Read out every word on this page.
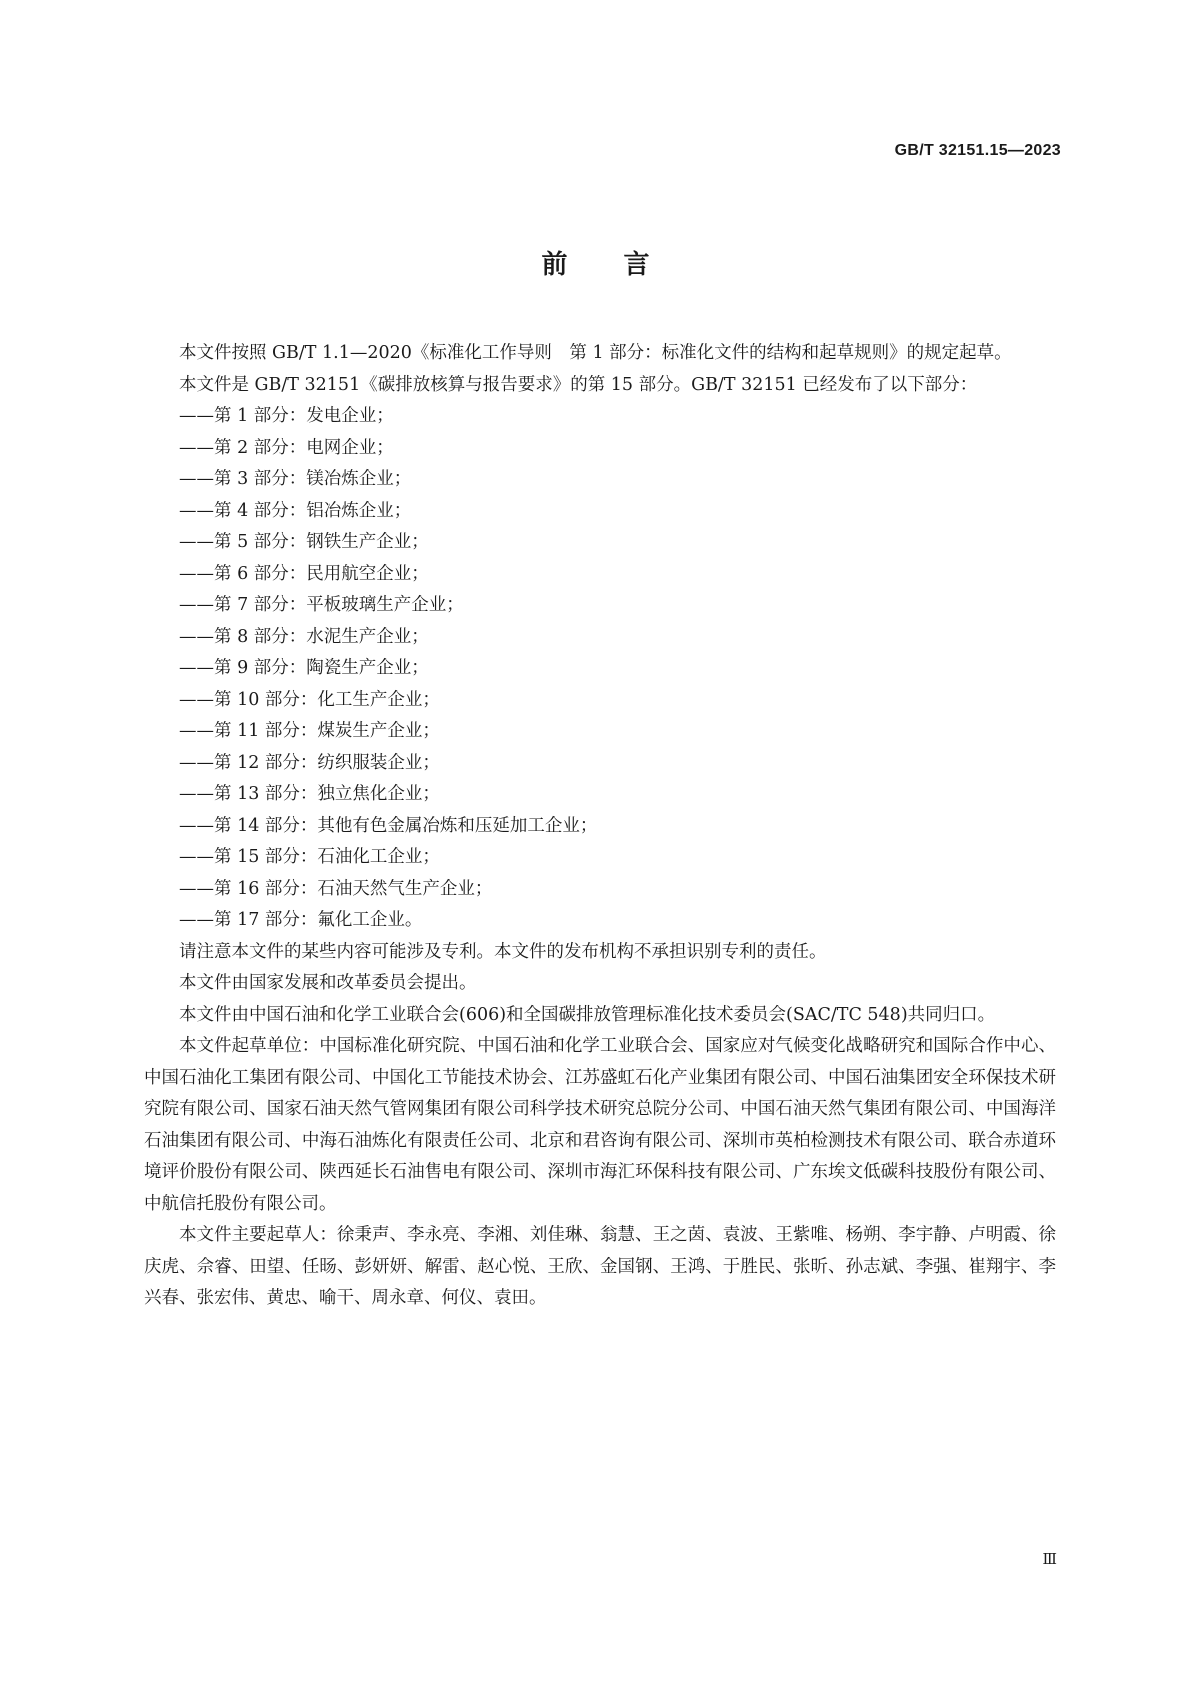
GB/T 32151.15—2023
前言

本文件按照 GB/T 1.1—2020《标准化工作导则　第 1 部分：标准化文件的结构和起草规则》的规定起草。

本文件是 GB/T 32151《碳排放核算与报告要求》的第 15 部分。GB/T 32151 已经发布了以下部分：

——第 1 部分：发电企业；
——第 2 部分：电网企业；
——第 3 部分：镁冶炼企业；
——第 4 部分：铝冶炼企业；
——第 5 部分：钢铁生产企业；
——第 6 部分：民用航空企业；
——第 7 部分：平板玻璃生产企业；
——第 8 部分：水泥生产企业；
——第 9 部分：陶瓷生产企业；
——第 10 部分：化工生产企业；
——第 11 部分：煤炭生产企业；
——第 12 部分：纺织服装企业；
——第 13 部分：独立焦化企业；
——第 14 部分：其他有色金属冶炼和压延加工企业；
——第 15 部分：石油化工企业；
——第 16 部分：石油天然气生产企业；
——第 17 部分：氟化工企业。

请注意本文件的某些内容可能涉及专利。本文件的发布机构不承担识别专利的责任。

本文件由国家发展和改革委员会提出。

本文件由中国石油和化学工业联合会(606)和全国碳排放管理标准化技术委员会(SAC/TC 548)共同归口。

本文件起草单位：中国标准化研究院、中国石油和化学工业联合会、国家应对气候变化战略研究和国际合作中心、中国石油化工集团有限公司、中国化工节能技术协会、江苏盛虹石化产业集团有限公司、中国石油集团安全环保技术研究院有限公司、国家石油天然气管网集团有限公司科学技术研究总院分公司、中国石油天然气集团有限公司、中国海洋石油集团有限公司、中海石油炼化有限责任公司、北京和君咨询有限公司、深圳市英柏检测技术有限公司、联合赤道环境评价股份有限公司、陕西延长石油售电有限公司、深圳市海汇环保科技有限公司、广东埃文低碳科技股份有限公司、中航信托股份有限公司。

本文件主要起草人：徐秉声、李永亮、李湘、刘佳琳、翁慧、王之茵、袁波、王紫唯、杨朔、李宇静、卢明霞、徐庆虎、佘睿、田望、任旸、彭妍妍、解雷、赵心悦、王欣、金国钢、王鸿、于胜民、张昕、孙志斌、李强、崔翔宇、李兴春、张宏伟、黄忠、喻干、周永章、何仪、袁田。

Ⅲ
